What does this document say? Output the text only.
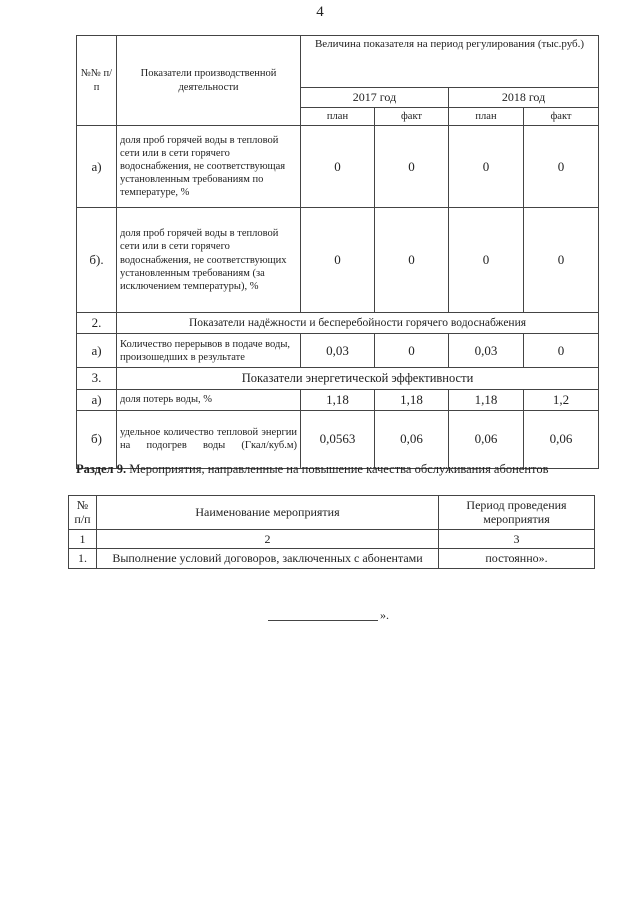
4
№№ п/п	Показатели производственной деятельности	Величина показателя на период регулирования (тыс.руб.)			
		2017 год		2018 год	
		план	факт	план	факт
а)	доля проб горячей воды в тепловой сети или в сети горячего водоснабжения, не соответствующая установленным требованиям по температуре, %	0	0	0	0
б).	доля проб горячей воды в тепловой сети или в сети горячего водоснабжения, не соответствующих установленным требованиям (за исключением температуры), %	0	0	0	0
2.	Показатели надёжности и бесперебойности горячего водоснабжения				
а)	Количество перерывов в подаче воды, произошедших в результате	0,03	0	0,03	0
3.	Показатели энергетической эффективности				
а)	доля потерь воды, %	1,18	1,18	1,18	1,2
б)	удельное количество тепловой энергии на подогрев воды (Гкал/куб.м)	0,0563	0,06	0,06	0,06
Раздел 9. Мероприятия, направленные на повышение качества обслуживания абонентов
№ п/п	Наименование мероприятия	Период проведения мероприятия
1	2	3
1.	Выполнение условий договоров, заключенных с абонентами	постоянно».
».
